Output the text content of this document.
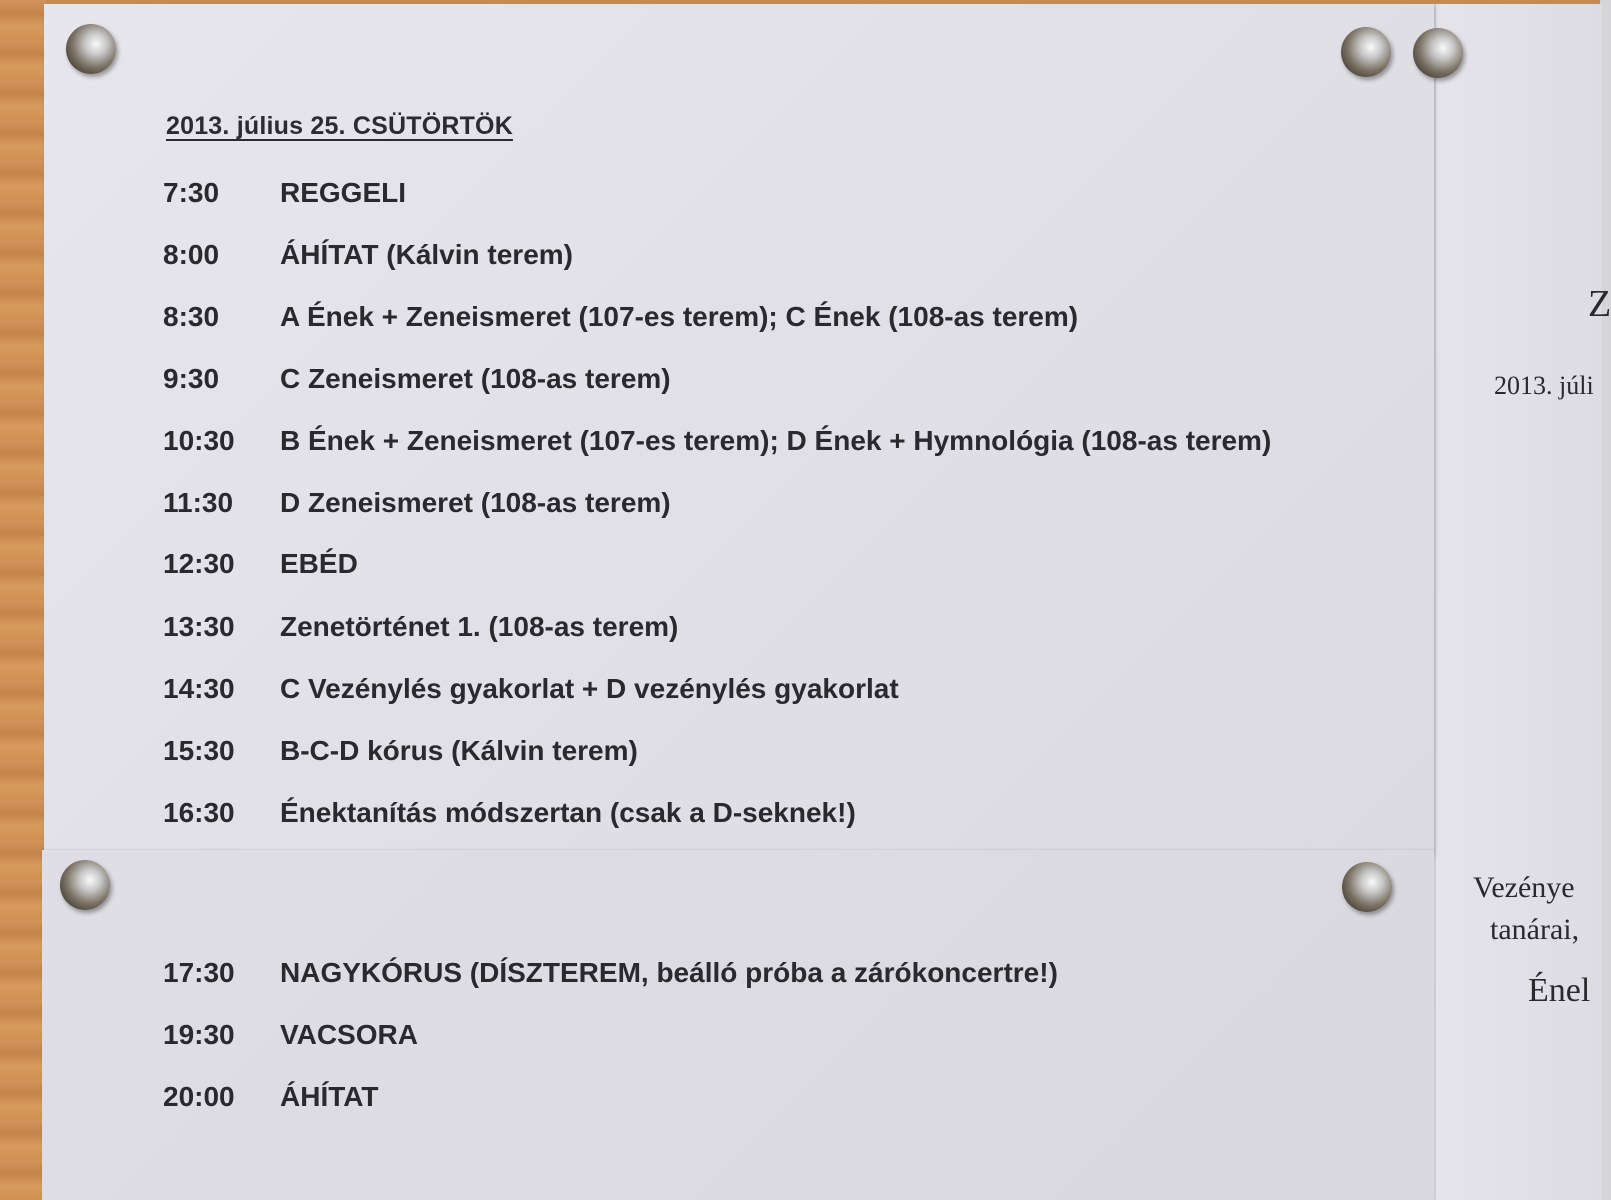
2013. július 25. CSÜTÖRTÖK
7:30	REGGELI
8:00	ÁHÍTAT (Kálvin terem)
8:30	A Ének + Zeneismeret (107-es terem); C Ének (108-as terem)
9:30	C Zeneismeret (108-as terem)
10:30	B Ének + Zeneismeret (107-es terem); D Ének + Hymnológia (108-as terem)
11:30	D Zeneismeret (108-as terem)
12:30	EBÉD
13:30	Zenetörténet 1. (108-as terem)
14:30	C Vezénylés gyakorlat + D vezénylés gyakorlat
15:30	B-C-D kórus (Kálvin terem)
16:30	Énektanítás módszertan (csak a D-seknek!)
17:30	NAGYKÓRUS (DÍSZTEREM, beálló próba a zárókoncertre!)
19:30	VACSORA
20:00	ÁHÍTAT
Z
2013. júli
Vezénye
tanárai,
Énel
